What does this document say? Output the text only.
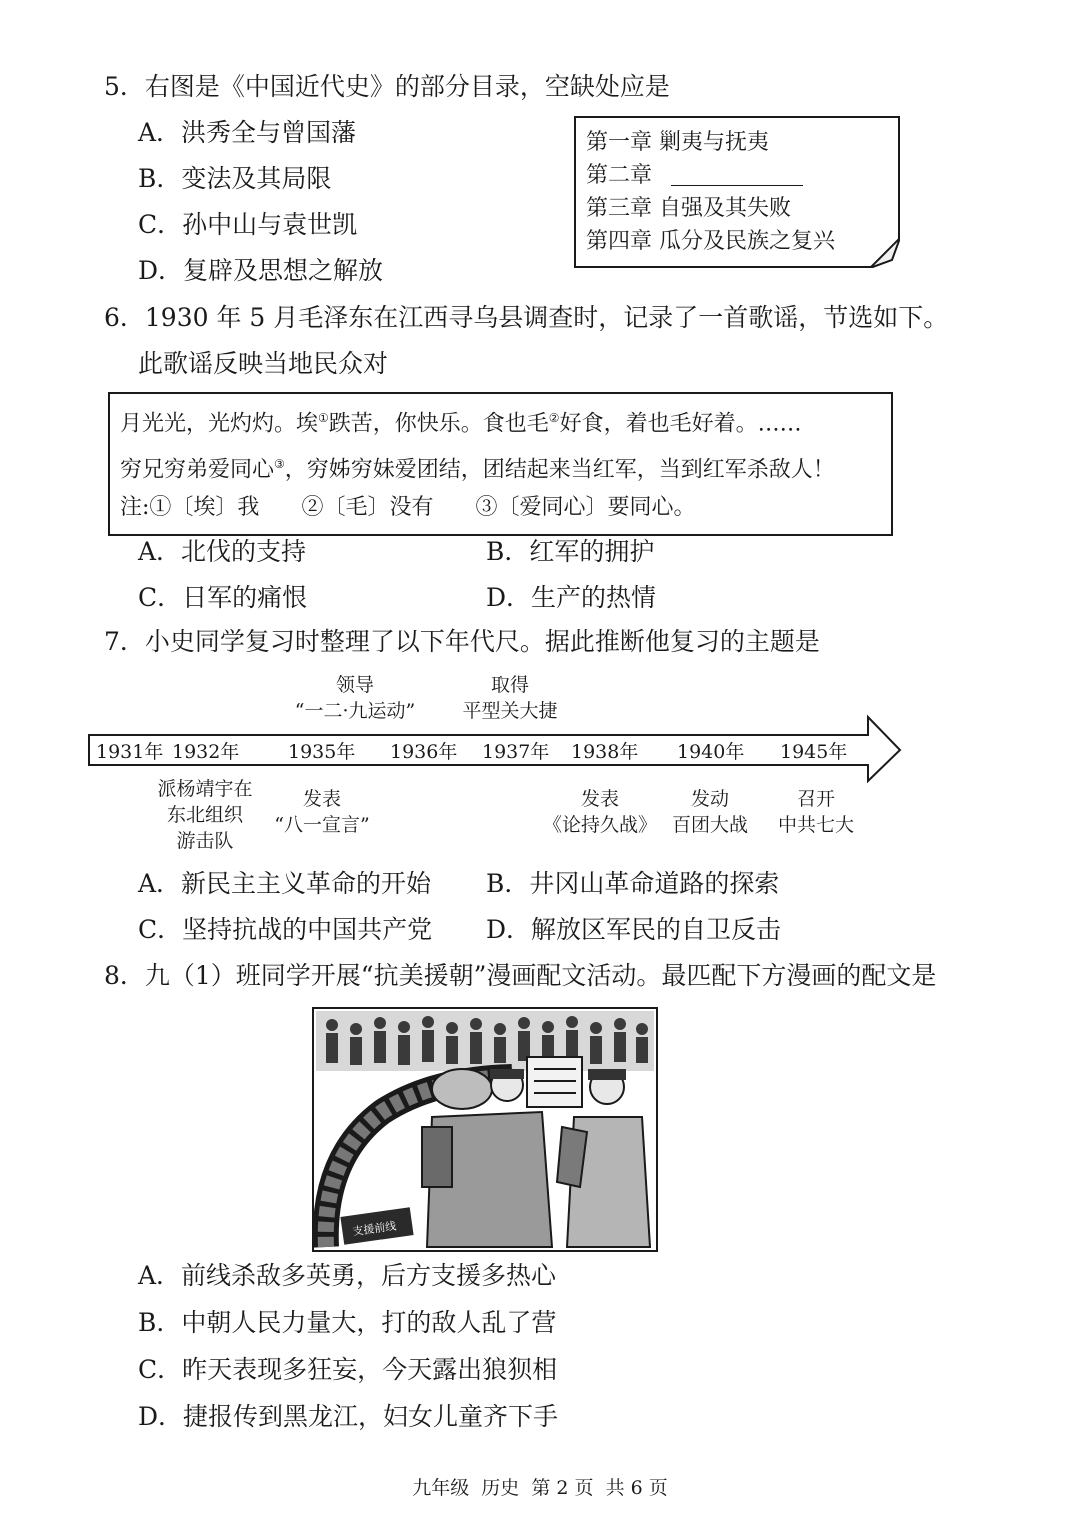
5．右图是《中国近代史》的部分目录，空缺处应是
A．洪秀全与曾国藩
B．变法及其局限
C．孙中山与袁世凯
D．复辟及思想之解放
第一章 剿夷与抚夷
第二章
第三章 自强及其失败
第四章 瓜分及民族之复兴
6．1930 年 5 月毛泽东在江西寻乌县调查时，记录了一首歌谣，节选如下。
此歌谣反映当地民众对
月光光，光灼灼。埃①跌苦，你快乐。食也毛②好食，着也毛好着。……
穷兄穷弟爱同心③，穷姊穷妹爱团结，团结起来当红军，当到红军杀敌人！
注:①〔埃〕我 ②〔毛〕没有 ③〔爱同心〕要同心。
A．北伐的支持	B．红军的拥护
C．日军的痛恨	D．生产的热情
7．小史同学复习时整理了以下年代尺。据此推断他复习的主题是
领导
“一二·九运动”
取得
平型关大捷
1931年 1932年	1935年 1936年 1937年 1938年 1940年 1945年
派杨靖宇在
东北组织
游击队
发表
“八一宣言”
发表
《论持久战》
发动
百团大战
召开
中共七大
A．新民主主义革命的开始 B．井冈山革命道路的探索
C．坚持抗战的中国共产党 D．解放区军民的自卫反击
8．九（1）班同学开展“抗美援朝”漫画配文活动。最匹配下方漫画的配文是
支援前线
A．前线杀敌多英勇，后方支援多热心
B．中朝人民力量大，打的敌人乱了营
C．昨天表现多狂妄，今天露出狼狈相
D．捷报传到黑龙江，妇女儿童齐下手
九年级  历史  第 2 页  共 6 页
